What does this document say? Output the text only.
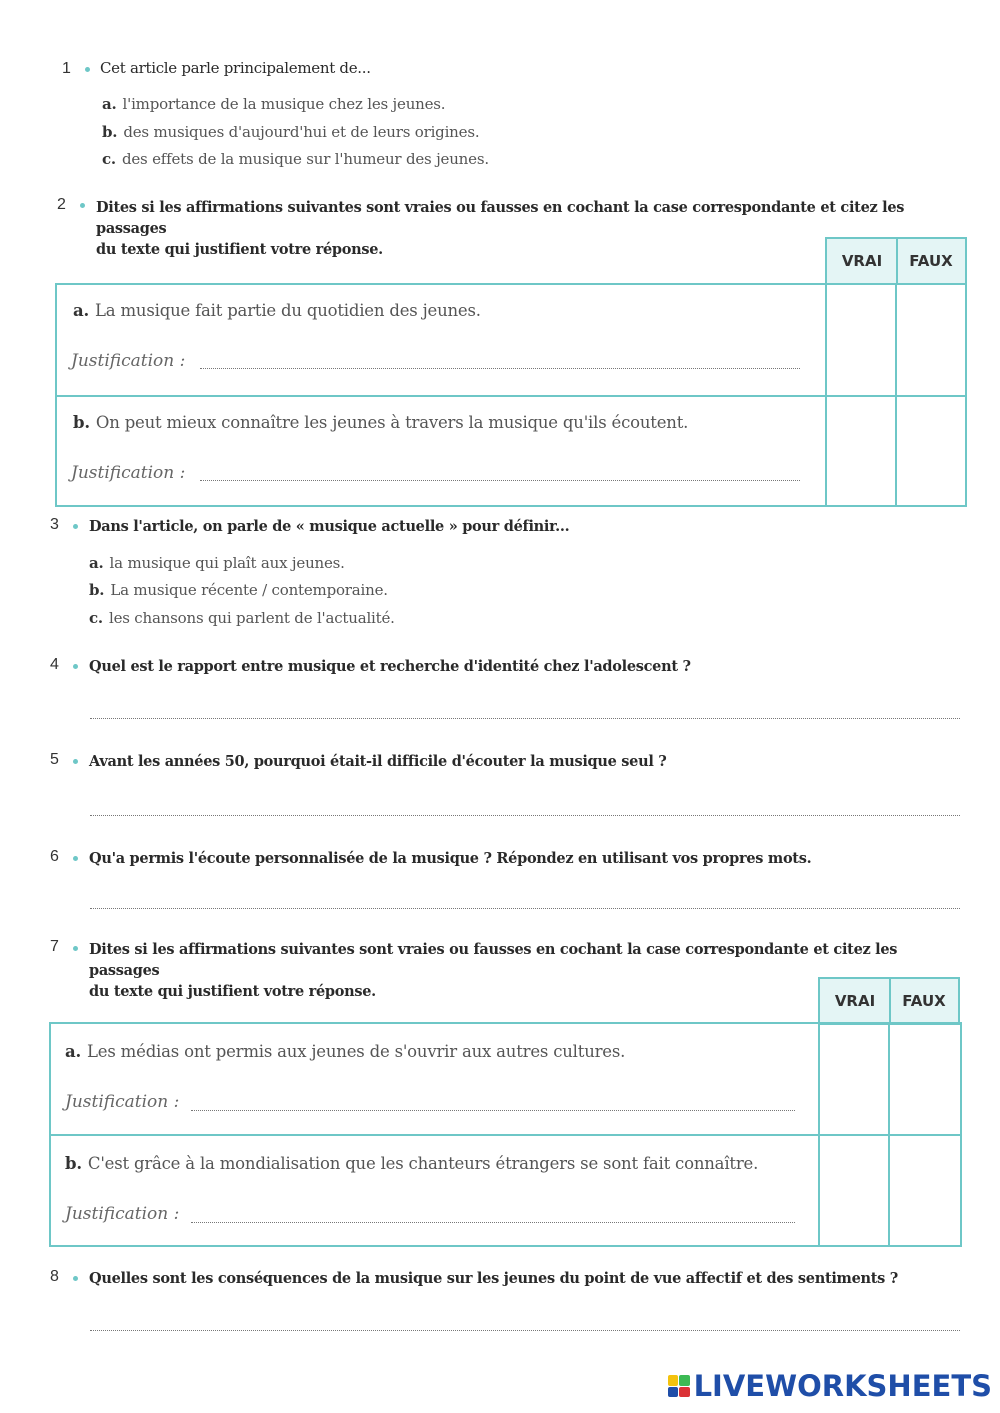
1 Cet article parle principalement de...
a. l'importance de la musique chez les jeunes.
b. des musiques d'aujourd'hui et de leurs origines.
c. des effets de la musique sur l'humeur des jeunes.
2 Dites si les affirmations suivantes sont vraies ou fausses en cochant la case correspondante et citez les passages
du texte qui justifient votre réponse.
VRAI	FAUX
a. La musique fait partie du quotidien des jeunes.
Justification :
b. On peut mieux connaître les jeunes à travers la musique qu'ils écoutent.
Justification :
3 Dans l'article, on parle de « musique actuelle » pour définir...
a. la musique qui plaît aux jeunes.
b. La musique récente / contemporaine.
c. les chansons qui parlent de l'actualité.
4 Quel est le rapport entre musique et recherche d'identité chez l'adolescent ?
5 Avant les années 50, pourquoi était-il difficile d'écouter la musique seul ?
6 Qu'a permis l'écoute personnalisée de la musique ? Répondez en utilisant vos propres mots.
7 Dites si les affirmations suivantes sont vraies ou fausses en cochant la case correspondante et citez les passages
du texte qui justifient votre réponse.
VRAI	FAUX
a. Les médias ont permis aux jeunes de s'ouvrir aux autres cultures.
Justification :
b. C'est grâce à la mondialisation que les chanteurs étrangers se sont fait connaître.
Justification :
8 Quelles sont les conséquences de la musique sur les jeunes du point de vue affectif et des sentiments ?
LIVEWORKSHEETS
